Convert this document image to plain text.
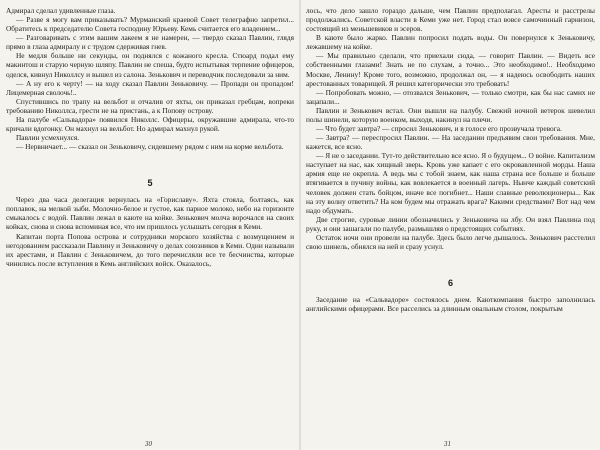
Адмирал сделал удивленные глаза.

— Разве я могу вам приказывать? Мурманский краевой Совет телеграфно запретил... Обратитесь к председателю Совета господину Юрьеву. Кемь считается его владением...

— Разговаривать с этим вашим лакеем я не намерен, — твердо сказал Павлин, глядя прямо в глаза адмиралу и с трудом сдерживая гнев.

Не медля больше ни секунды, он поднялся с кожаного кресла. Стюард подал ему макинтош и старую черную шляпу. Павлин не спеша, будто испытывая терпение офицеров, оделся, кивнул Николлсу и вышел из салона. Зенькович и переводчик последовали за ним.

— А ну его к черту! — на ходу сказал Павлин Зеньковичу. — Пропади он пропадом! Лицемерная сволочь!..

Спустившись по трапу на вельбот и отчалив от яхты, он приказал гребцам, вопреки требованию Николлса, грести не на пристань, а к Попову острову.

На палубе «Сальвадора» появился Николлс. Офицеры, окружавшие адмирала, что-то кричали вдогонку. Он махнул на вельбот. Но адмирал махнул рукой.

Павлин усмехнулся.

— Нервничает... — сказал он Зеньковичу, сидевшему рядом с ним на корме вельбота.

5

Через два часа делегация вернулась на «Гориславу». Яхта стояла, болтаясь, как поплавок, на мелкой зыби. Молочно-белое и густое, как парное молоко, небо на горизонте смыкалось с водой. Павлин лежал в каюте на койке. Зенькович молча ворочался на своих койках, снова и снова вспоминая все, что им пришлось услышать сегодня в Кеми.

Капитан порта Попова острова и сотрудники морского хозяйства с возмущением и негодованием рассказали Павлину и Зеньковичу о делах союзников в Кеми. Одни называли их арестами, и Павлин с Зеньковичем, до того перечисляли все те бесчинства, которые чинились после вступления в Кемь английских войск. Оказалось,

30

лось, что дело зашло гораздо дальше, чем Павлин предполагал. Аресты и расстрелы продолжались. Советской власти в Кеми уже нет. Город стал вовсе самочинный гарнизон, состоящий из меньшевиков и эсеров.

В каюте было жарко. Павлин попросил подать воды. Он повернулся к Зеньковичу, лежавшему на койке.

— Мы правильно сделали, что приехали сюда, — говорит Павлин. — Видеть все собственными глазами! Знать не по слухам, а точно... Это необходимо!.. Необходимо Москве, Ленину! Кроме того, возможно, продолжал он, — я надеюсь освободить наших арестованных товарищей. Я решил категорически это требовать!

— Попробовать можно, — отозвался Зенькович, — только смотри, как бы нас самих не зацапали...

Павлин и Зенькович встал. Они вышли на палубу. Свежий ночной ветерок шевелил полы шинели, которую военком, выходя, накинул на плечи.

— Что будет завтра? — спросил Зенькович, и в голосе его прозвучала тревога.

— Завтра? — переспросил Павлин. — На заседании предъявим свои требования. Мне, кажется, все ясно.

— Я не о заседании. Тут-то действительно все ясно. Я о будущем... О войне. Капитализм наступает на нас, как хищный зверь. Кровь уже капает с его окровавленной морды. Наша армия еще не окрепла. А ведь мы с тобой знаем, как наша страна все больше и больше втягивается в пучину войны, как вовлекается в военный лагерь. Нынче каждый советский человек должен стать бойцом, иначе все погибнет... Наши славные революционеры... Как на эту волну ответить? На ком будем мы отражать врага? Какими средствами? Вот над чем надо обдумать.

Две строгие, суровые линии обозначились у Зеньковича на лбу. Он взял Павлина под руку, и они зашагали по палубе, размышляя о предстоящих событиях.

Остаток ночи они провели на палубе. Здесь было легче дышалось. Зенькович расстелил свою шинель, обнялся на ней и сразу уснул.

6

Заседание на «Сальвадоре» состоялось днем. Каюткомпания быстро заполнилась английскими офицерами. Все расселись за длинным овальным столом, покрытым

31
